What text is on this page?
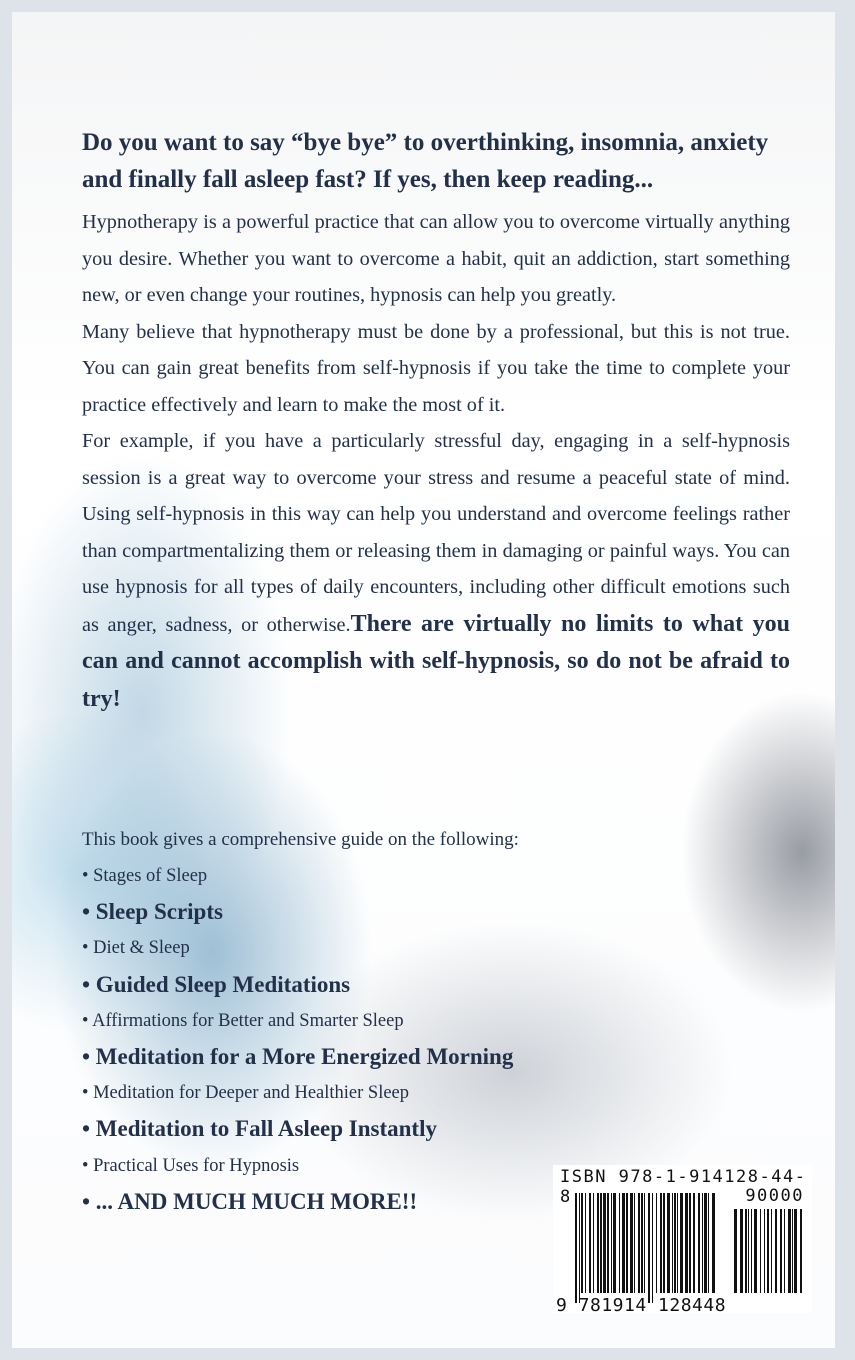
Do you want to say “bye bye” to overthinking, insomnia, anxiety and finally fall asleep fast? If yes, then keep reading...

Hypnotherapy is a powerful practice that can allow you to overcome virtually anything you desire. Whether you want to overcome a habit, quit an addiction, start something new, or even change your routines, hypnosis can help you greatly.

Many believe that hypnotherapy must be done by a professional, but this is not true. You can gain great benefits from self-hypnosis if you take the time to complete your practice effectively and learn to make the most of it.

For example, if you have a particularly stressful day, engaging in a self-hypnosis session is a great way to overcome your stress and resume a peaceful state of mind. Using self-hypnosis in this way can help you understand and overcome feelings rather than compartmentalizing them or releasing them in damaging or painful ways. You can use hypnosis for all types of daily encounters, including other difficult emotions such as anger, sadness, or otherwise.There are virtually no limits to what you can and cannot accomplish with self-hypnosis, so do not be afraid to try!

This book gives a comprehensive guide on the following:
• Stages of Sleep
• Sleep Scripts
• Diet & Sleep
• Guided Sleep Meditations
• Affirmations for Better and Smarter Sleep
• Meditation for a More Energized Morning
• Meditation for Deeper and Healthier Sleep
• Meditation to Fall Asleep Instantly
• Practical Uses for Hypnosis
• ... AND MUCH MUCH MORE!!
ISBN 978-1-914128-44-8	90000
9 781914 128448
